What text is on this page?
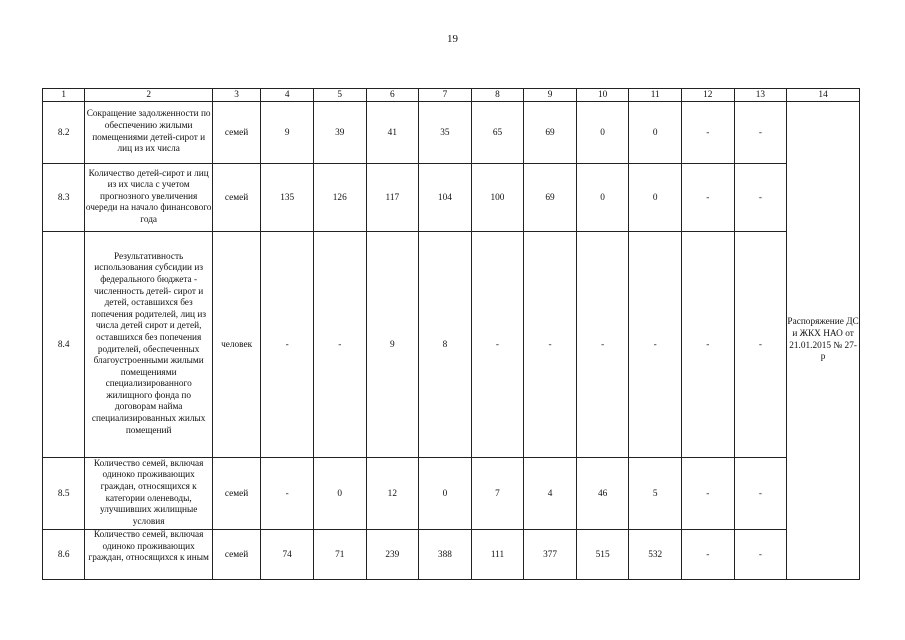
19
1	2	3	4	5	6	7	8	9	10	11	12	13	14
8.2	Сокращение задолженности по обеспечению жилыми помещениями детей-сирот и лиц из их числа	семей	9	39	41	35	65	69	0	0	-	-	Распоряжение ДС и ЖКХ НАО от 21.01.2015 № 27-р
8.3	Количество детей-сирот и лиц из их числа с учетом прогнозного увеличения очереди на начало финансового года	семей	135	126	117	104	100	69	0	0	-	-	
8.4	Результативность использования субсидии из федерального бюджета - численность детей- сирот и детей, оставшихся без попечения родителей, лиц из числа детей сирот и детей, оставшихся без попечения родителей, обеспеченных благоустроенными жилыми помещениями специализированного жилищного фонда по договорам найма специализированных жилых помещений	человек	-	-	9	8	-	-	-	-	-	-	
8.5	Количество семей, включая одиноко проживающих граждан, относящихся к категории оленеводы, улучшивших жилищные условия	семей	-	0	12	0	7	4	46	5	-	-	
8.6	Количество семей, включая одиноко проживающих граждан, относящихся к иным	семей	74	71	239	388	111	377	515	532	-	-	
